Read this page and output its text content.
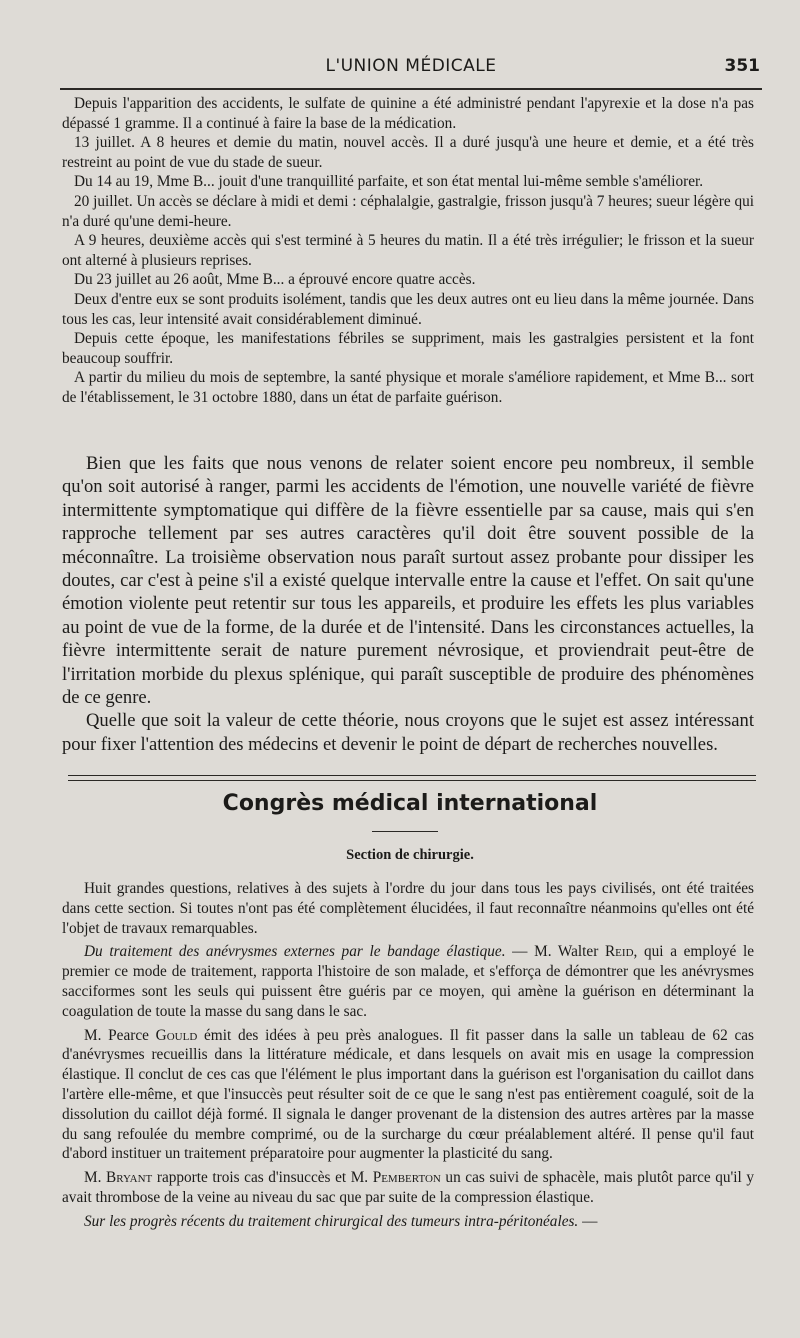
L'UNION MÉDICALE	351

Depuis l'apparition des accidents, le sulfate de quinine a été administré pendant l'apyrexie et la dose n'a pas dépassé 1 gramme. Il a continué à faire la base de la médication.

13 juillet. A 8 heures et demie du matin, nouvel accès. Il a duré jusqu'à une heure et demie, et a été très restreint au point de vue du stade de sueur.

Du 14 au 19, Mme B... jouit d'une tranquillité parfaite, et son état mental lui-même semble s'améliorer.

20 juillet. Un accès se déclare à midi et demi : céphalalgie, gastralgie, frisson jusqu'à 7 heures; sueur légère qui n'a duré qu'une demi-heure.

A 9 heures, deuxième accès qui s'est terminé à 5 heures du matin. Il a été très irrégulier; le frisson et la sueur ont alterné à plusieurs reprises.

Du 23 juillet au 26 août, Mme B... a éprouvé encore quatre accès.

Deux d'entre eux se sont produits isolément, tandis que les deux autres ont eu lieu dans la même journée. Dans tous les cas, leur intensité avait considérablement diminué.

Depuis cette époque, les manifestations fébriles se suppriment, mais les gastralgies persistent et la font beaucoup souffrir.

A partir du milieu du mois de septembre, la santé physique et morale s'améliore rapidement, et Mme B... sort de l'établissement, le 31 octobre 1880, dans un état de parfaite guérison.

Bien que les faits que nous venons de relater soient encore peu nombreux, il semble qu'on soit autorisé à ranger, parmi les accidents de l'émotion, une nouvelle variété de fièvre intermittente symptomatique qui diffère de la fièvre essentielle par sa cause, mais qui s'en rapproche tellement par ses autres caractères qu'il doit être souvent possible de la méconnaître. La troisième observation nous paraît surtout assez probante pour dissiper les doutes, car c'est à peine s'il a existé quelque intervalle entre la cause et l'effet. On sait qu'une émotion violente peut retentir sur tous les appareils, et produire les effets les plus variables au point de vue de la forme, de la durée et de l'intensité. Dans les circonstances actuelles, la fièvre intermittente serait de nature purement névrosique, et proviendrait peut-être de l'irritation morbide du plexus splénique, qui paraît susceptible de produire des phénomènes de ce genre.

Quelle que soit la valeur de cette théorie, nous croyons que le sujet est assez intéressant pour fixer l'attention des médecins et devenir le point de départ de recherches nouvelles.

Congrès médical international
Section de chirurgie.

Huit grandes questions, relatives à des sujets à l'ordre du jour dans tous les pays civilisés, ont été traitées dans cette section. Si toutes n'ont pas été complètement élucidées, il faut reconnaître néanmoins qu'elles ont été l'objet de travaux remarquables.

Du traitement des anévrysmes externes par le bandage élastique. — M. Walter Reid, qui a employé le premier ce mode de traitement, rapporta l'histoire de son malade, et s'efforça de démontrer que les anévrysmes sacciformes sont les seuls qui puissent être guéris par ce moyen, qui amène la guérison en déterminant la coagulation de toute la masse du sang dans le sac.

M. Pearce Gould émit des idées à peu près analogues. Il fit passer dans la salle un tableau de 62 cas d'anévrysmes recueillis dans la littérature médicale, et dans lesquels on avait mis en usage la compression élastique. Il conclut de ces cas que l'élément le plus important dans la guérison est l'organisation du caillot dans l'artère elle-même, et que l'insuccès peut résulter soit de ce que le sang n'est pas entièrement coagulé, soit de la dissolution du caillot déjà formé. Il signala le danger provenant de la distension des autres artères par la masse du sang refoulée du membre comprimé, ou de la surcharge du cœur préalablement altéré. Il pense qu'il faut d'abord instituer un traitement préparatoire pour augmenter la plasticité du sang.

M. Bryant rapporte trois cas d'insuccès et M. Pemberton un cas suivi de sphacèle, mais plutôt parce qu'il y avait thrombose de la veine au niveau du sac que par suite de la compression élastique.

Sur les progrès récents du traitement chirurgical des tumeurs intra-péritonéales. —
